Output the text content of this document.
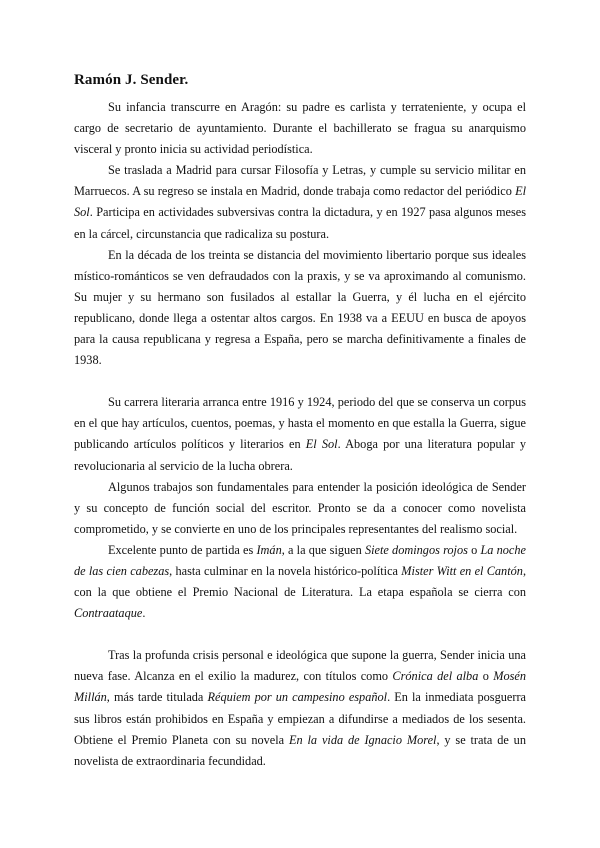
Ramón J. Sender.

Su infancia transcurre en Aragón: su padre es carlista y terrateniente, y ocupa el cargo de secretario de ayuntamiento. Durante el bachillerato se fragua su anarquismo visceral y pronto inicia su actividad periodística.

Se traslada a Madrid para cursar Filosofía y Letras, y cumple su servicio militar en Marruecos. A su regreso se instala en Madrid, donde trabaja como redactor del periódico El Sol. Participa en actividades subversivas contra la dictadura, y en 1927 pasa algunos meses en la cárcel, circunstancia que radicaliza su postura.

En la década de los treinta se distancia del movimiento libertario porque sus ideales místico-románticos se ven defraudados con la praxis, y se va aproximando al comunismo. Su mujer y su hermano son fusilados al estallar la Guerra, y él lucha en el ejército republicano, donde llega a ostentar altos cargos. En 1938 va a EEUU en busca de apoyos para la causa republicana y regresa a España, pero se marcha definitivamente a finales de 1938.

Su carrera literaria arranca entre 1916 y 1924, periodo del que se conserva un corpus en el que hay artículos, cuentos, poemas, y hasta el momento en que estalla la Guerra, sigue publicando artículos políticos y literarios en El Sol. Aboga por una literatura popular y revolucionaria al servicio de la lucha obrera.

Algunos trabajos son fundamentales para entender la posición ideológica de Sender y su concepto de función social del escritor. Pronto se da a conocer como novelista comprometido, y se convierte en uno de los principales representantes del realismo social.

Excelente punto de partida es Imán, a la que siguen Siete domingos rojos o La noche de las cien cabezas, hasta culminar en la novela histórico-política Mister Witt en el Cantón, con la que obtiene el Premio Nacional de Literatura. La etapa española se cierra con Contraataque.

Tras la profunda crisis personal e ideológica que supone la guerra, Sender inicia una nueva fase. Alcanza en el exilio la madurez, con títulos como Crónica del alba o Mosén Millán, más tarde titulada Réquiem por un campesino español. En la inmediata posguerra sus libros están prohibidos en España y empiezan a difundirse a mediados de los sesenta. Obtiene el Premio Planeta con su novela En la vida de Ignacio Morel, y se trata de un novelista de extraordinaria fecundidad.
